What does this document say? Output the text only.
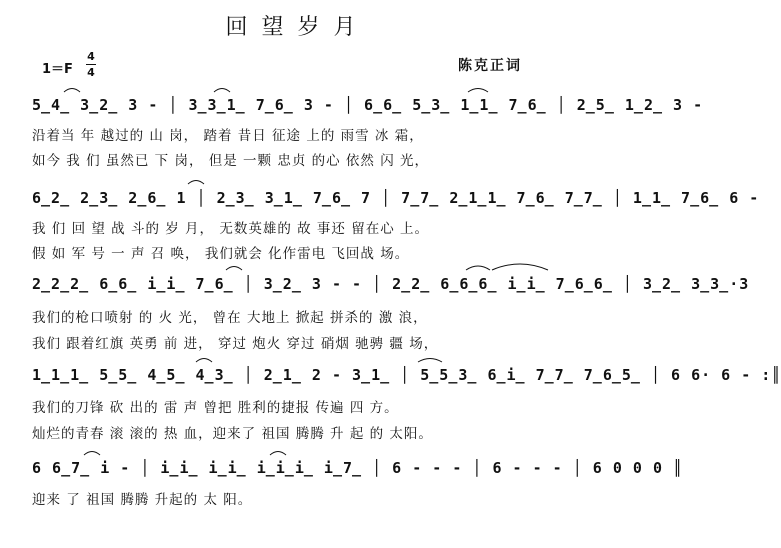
回望岁月
1＝F
4
4	陈克正词
5̲4̲ 3̲2̲ 3 - │ 3̲3̲1̲ 7̲6̲ 3 - │ 6̲6̲ 5̲3̲ 1̲1̲ 7̲6̲ │ 2̲5̲ 1̲2̲ 3 -
沿着当 年 越过的 山 岗， 踏着 昔日 征途 上的 雨雪 冰 霜，
如今 我 们 虽然已 下 岗， 但是 一颗 忠贞 的心 依然 闪 光，
6̲2̲ 2̲3̲ 2̲6̲ 1 │ 2̲3̲ 3̲1̲ 7̲6̲ 7 │ 7̲7̲ 2̲1̲1̲ 7̲6̲ 7̲7̲ │ 1̲1̲ 7̲6̲ 6 -
我 们 回 望 战 斗的 岁 月， 无数英雄的 故 事还 留在心 上。
假 如 军 号 一 声 召 唤， 我们就会 化作雷电 飞回战 场。
2̲2̲2̲ 6̲6̲ i̲i̲ 7̲6̲ │ 3̲2̲ 3 - - │ 2̲2̲ 6̲6̲6̲ i̲i̲ 7̲6̲6̲ │ 3̲2̲ 3̲3̲·3
我们的枪口喷射 的 火 光， 曾在 大地上 掀起 拼杀的 激 浪，
我们 跟着红旗 英勇 前 进， 穿过 炮火 穿过 硝烟 驰骋 疆 场，
1̲1̲1̲ 5̲5̲ 4̲5̲ 4̲3̲ │ 2̲1̲ 2 - 3̲1̲ │ 5̲5̲3̲ 6̲i̲ 7̲7̲ 7̲6̲5̲ │ 6 6· 6 - :║
我们的刀锋 砍 出的 雷 声 曾把 胜利的捷报 传遍 四 方。
灿烂的青春 滚 滚的 热 血，迎来了 祖国 腾腾 升 起 的 太阳。
6 6̲7̲ i - │ i̲i̲ i̲i̲ i̲i̲i̲ i̲7̲ │ 6 - - - │ 6 - - - │ 6 0 0 0 ║
迎来 了 祖国 腾腾 升起的 太 阳。
